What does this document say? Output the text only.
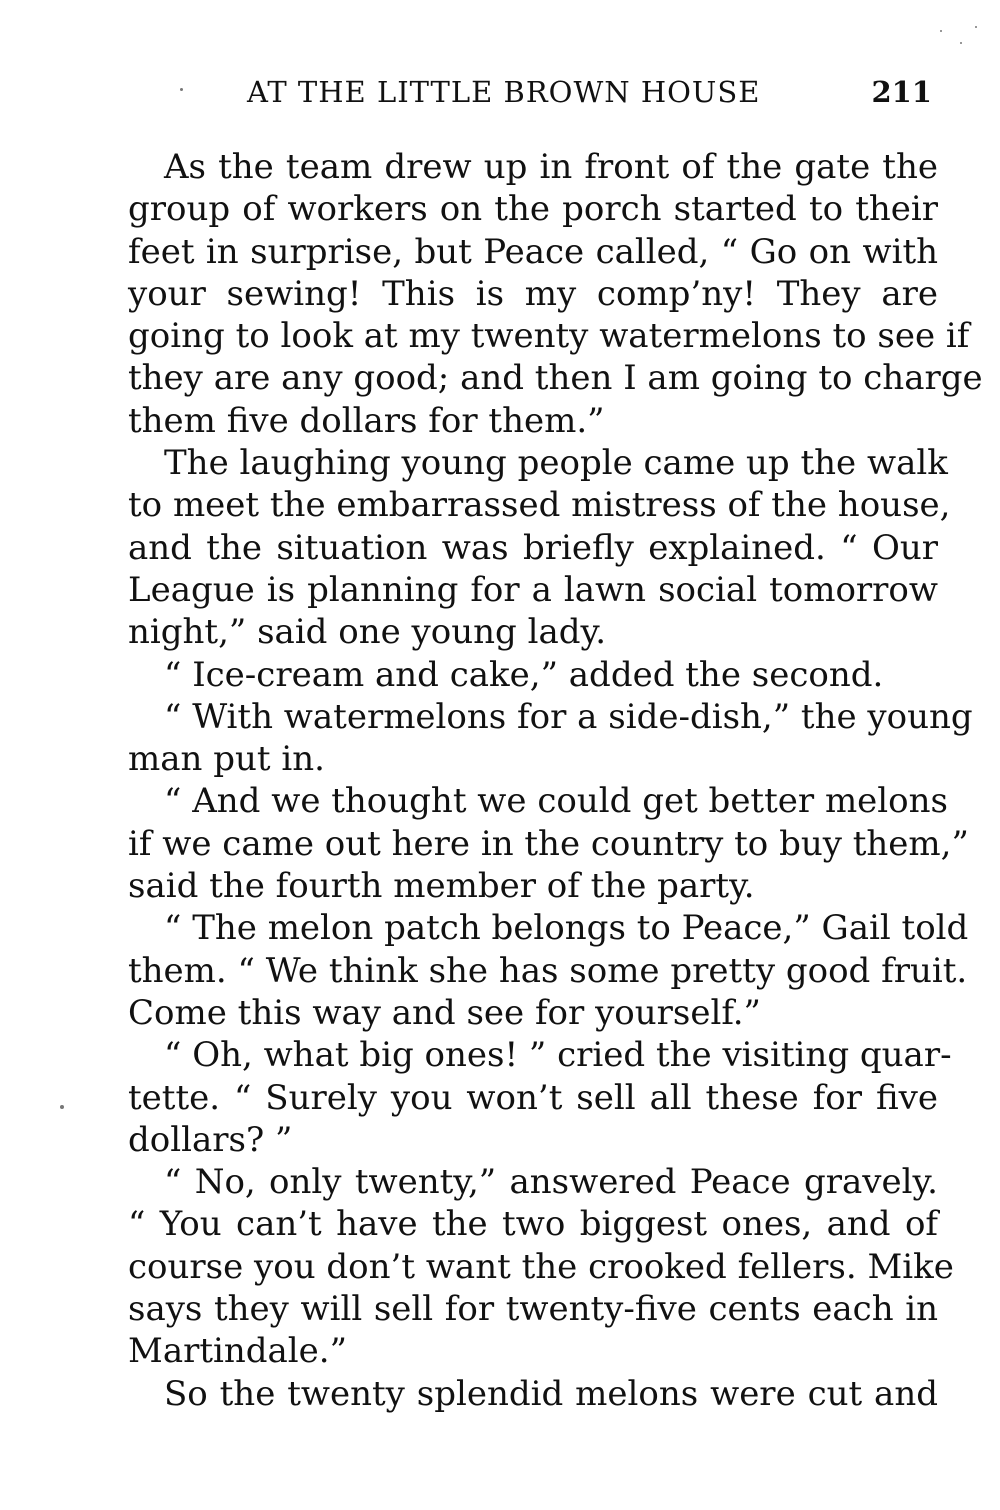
AT THE LITTLE BROWN HOUSE	211
As the team drew up in front of the gate the
group of workers on the porch started to their
feet in surprise, but Peace called, “ Go on with
your sewing! This is my comp’ny! They are
going to look at my twenty watermelons to see if
they are any good; and then I am going to charge
them five dollars for them.”
The laughing young people came up the walk
to meet the embarrassed mistress of the house,
and the situation was briefly explained. “ Our
League is planning for a lawn social tomorrow
night,” said one young lady.
“ Ice-cream and cake,” added the second.
“ With watermelons for a side-dish,” the young
man put in.
“ And we thought we could get better melons
if we came out here in the country to buy them,”
said the fourth member of the party.
“ The melon patch belongs to Peace,” Gail told
them. “ We think she has some pretty good fruit.
Come this way and see for yourself.”
“ Oh, what big ones! ” cried the visiting quar-
tette. “ Surely you won’t sell all these for five
dollars? ”
“ No, only twenty,” answered Peace gravely.
“ You can’t have the two biggest ones, and of
course you don’t want the crooked fellers. Mike
says they will sell for twenty-five cents each in
Martindale.”
So the twenty splendid melons were cut and
